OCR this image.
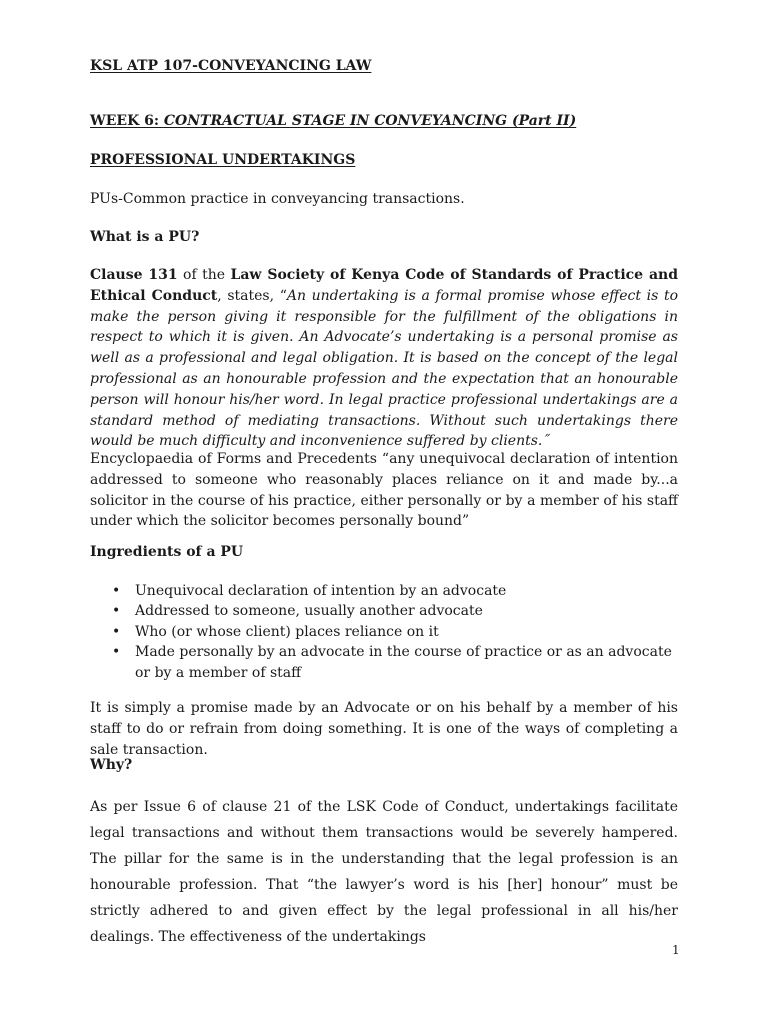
KSL ATP 107-CONVEYANCING LAW
WEEK 6: CONTRACTUAL STAGE IN CONVEYANCING (Part II)
PROFESSIONAL UNDERTAKINGS
PUs-Common practice in conveyancing transactions.
What is a PU?
Clause 131 of the Law Society of Kenya Code of Standards of Practice and Ethical Conduct, states, “An undertaking is a formal promise whose effect is to make the person giving it responsible for the fulfillment of the obligations in respect to which it is given. An Advocate’s undertaking is a personal promise as well as a professional and legal obligation. It is based on the concept of the legal professional as an honourable profession and the expectation that an honourable person will honour his/her word. In legal practice professional undertakings are a standard method of mediating transactions. Without such undertakings there would be much difficulty and inconvenience suffered by clients.˝
Encyclopaedia of Forms and Precedents “any unequivocal declaration of intention addressed to someone who reasonably places reliance on it and made by...a solicitor in the course of his practice, either personally or by a member of his staff under which the solicitor becomes personally bound”
Ingredients of a PU
• Unequivocal declaration of intention by an advocate
• Addressed to someone, usually another advocate
• Who (or whose client) places reliance on it
• Made personally by an advocate in the course of practice or as an advocate or by a member of staff
It is simply a promise made by an Advocate or on his behalf by a member of his staff to do or refrain from doing something. It is one of the ways of completing a sale transaction.
Why?
As per Issue 6 of clause 21 of the LSK Code of Conduct, undertakings facilitate legal transactions and without them transactions would be severely hampered. The pillar for the same is in the understanding that the legal profession is an honourable profession. That “the lawyer’s word is his [her] honour” must be strictly adhered to and given effect by the legal professional in all his/her dealings. The effectiveness of the undertakings
1
